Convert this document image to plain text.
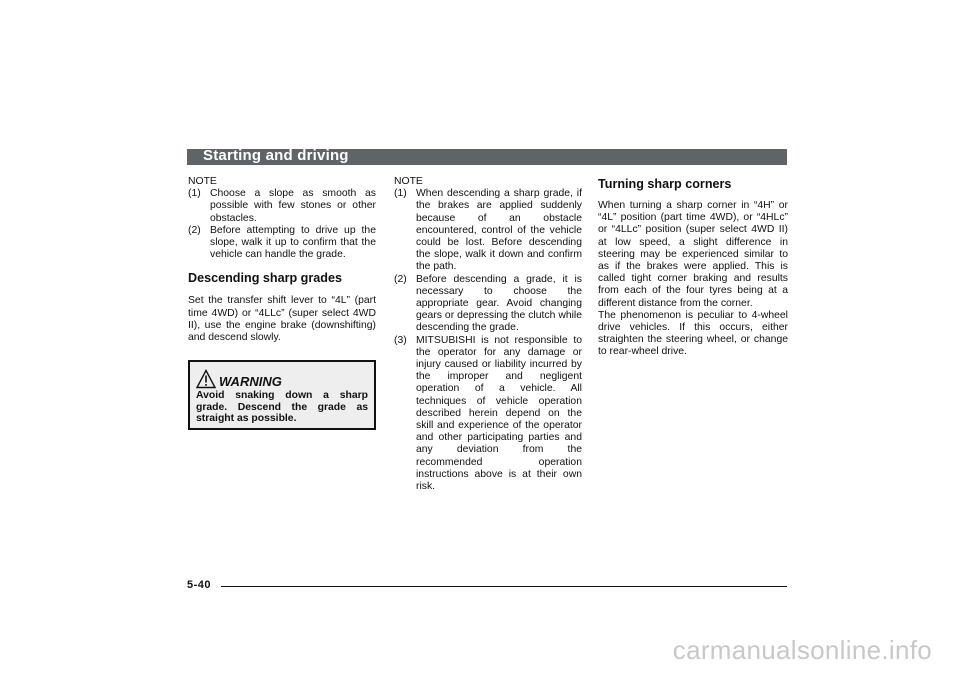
Starting and driving

NOTE

(1) Choose a slope as smooth as possible with few stones or other obstacles.

(2) Before attempting to drive up the slope, walk it up to confirm that the vehicle can handle the grade.

Descending sharp grades

Set the transfer shift lever to “4L” (part time 4WD) or “4LLc” (super select 4WD II), use the engine brake (downshifting) and descend slowly.

WARNING

Avoid snaking down a sharp grade. Descend the grade as straight as possible.

NOTE

(1) When descending a sharp grade, if the brakes are applied suddenly because of an obstacle encountered, control of the vehicle could be lost. Before descending the slope, walk it down and confirm the path.

(2) Before descending a grade, it is necessary to choose the appropriate gear. Avoid changing gears or depressing the clutch while descending the grade.

(3) MITSUBISHI is not responsible to the operator for any damage or injury caused or liability incurred by the improper and negligent operation of a vehicle. All techniques of vehicle operation described herein depend on the skill and experience of the operator and other participating parties and any deviation from the recommended operation instructions above is at their own risk.

Turning sharp corners

When turning a sharp corner in “4H” or “4L” position (part time 4WD), or “4HLc” or “4LLc” position (super select 4WD II) at low speed, a slight difference in steering may be experienced similar to as if the brakes were applied. This is called tight corner braking and results from each of the four tyres being at a different distance from the corner.

The phenomenon is peculiar to 4-wheel drive vehicles. If this occurs, either straighten the steering wheel, or change to rear-wheel drive.

5-40
carmanualsonline.info
